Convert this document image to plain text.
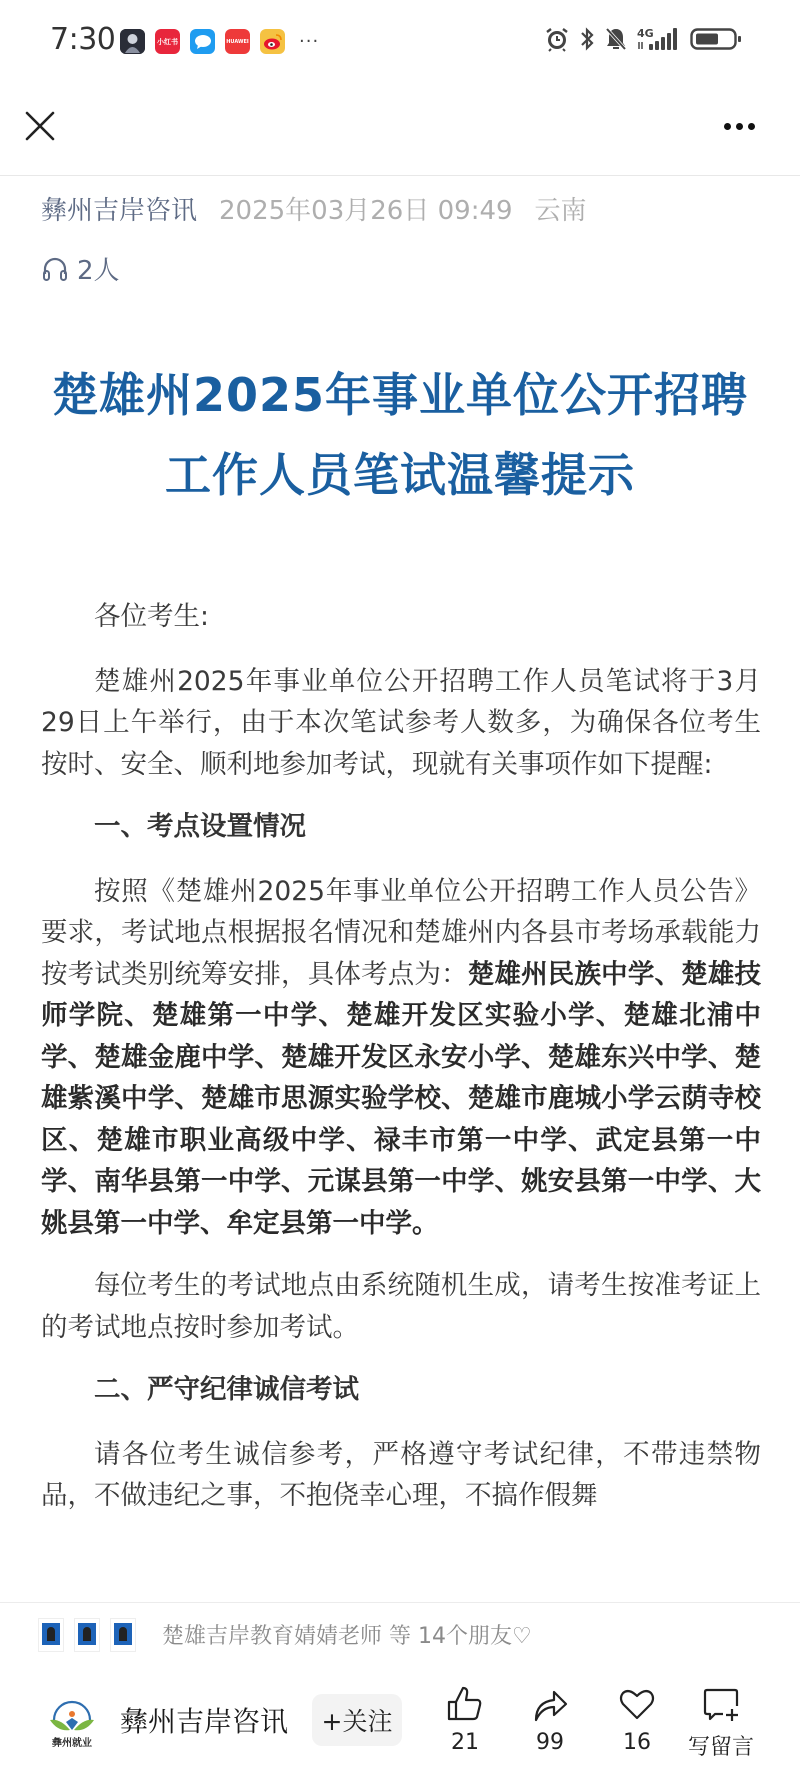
7:30	小红书	HUAWEI	···	4G
彝州吉岸咨讯 2025年03月26日 09:49 云南
2人
楚雄州2025年事业单位公开招聘
工作人员笔试温馨提示

各位考生:

楚雄州2025年事业单位公开招聘工作人员笔试将于3月29日上午举行，由于本次笔试参考人数多，为确保各位考生按时、安全、顺利地参加考试，现就有关事项作如下提醒:

一、考点设置情况

按照《楚雄州2025年事业单位公开招聘工作人员公告》要求，考试地点根据报名情况和楚雄州内各县市考场承载能力按考试类别统筹安排，具体考点为：楚雄州民族中学、楚雄技师学院、楚雄第一中学、楚雄开发区实验小学、楚雄北浦中学、楚雄金鹿中学、楚雄开发区永安小学、楚雄东兴中学、楚雄紫溪中学、楚雄市思源实验学校、楚雄市鹿城小学云荫寺校区、楚雄市职业高级中学、禄丰市第一中学、武定县第一中学、南华县第一中学、元谋县第一中学、姚安县第一中学、大姚县第一中学、牟定县第一中学。

每位考生的考试地点由系统随机生成，请考生按准考证上的考试地点按时参加考试。

二、严守纪律诚信考试

请各位考生诚信参考，严格遵守考试纪律，不带违禁物品，不做违纪之事，不抱侥幸心理，不搞作假舞

楚雄吉岸教育婧婧老师 等 14个朋友♡
彝州就业
彝州吉岸咨讯	+关注
21	99	16	写留言
